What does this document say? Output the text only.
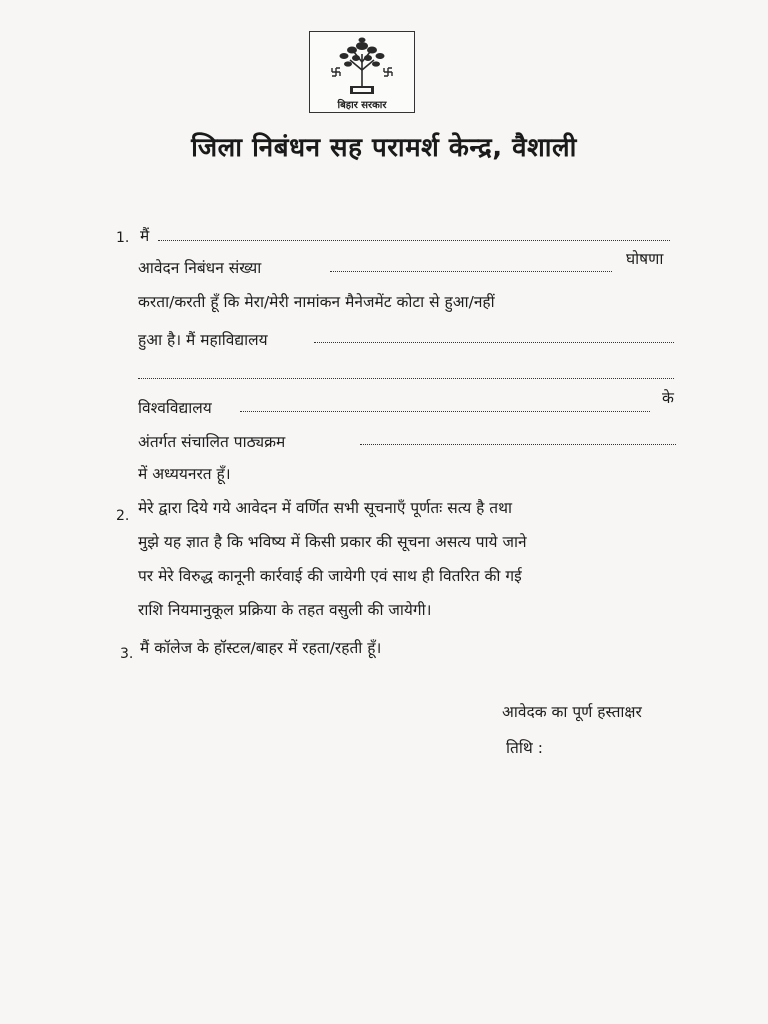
बिहार सरकार
जिला निबंधन सह परामर्श केन्द्र, वैशाली
1. मैं
आवेदन निबंधन संख्या	घोषणा
करता/करती हूँ कि मेरा/मेरी नामांकन मैनेजमेंट कोटा से हुआ/नहीं
हुआ है। मैं महाविद्यालय
विश्वविद्यालय
के
अंतर्गत संचालित पाठ्यक्रम
में अध्ययनरत हूँ।
2. मेरे द्वारा दिये गये आवेदन में वर्णित सभी सूचनाएँ पूर्णतः सत्य है तथा
मुझे यह ज्ञात है कि भविष्य में किसी प्रकार की सूचना असत्य पाये जाने
पर मेरे विरुद्ध कानूनी कार्रवाई की जायेगी एवं साथ ही वितरित की गई
राशि नियमानुकूल प्रक्रिया के तहत वसुली की जायेगी।
3. मैं कॉलेज के हॉस्टल/बाहर में रहता/रहती हूँ।
आवेदक का पूर्ण हस्ताक्षर
तिथि :
